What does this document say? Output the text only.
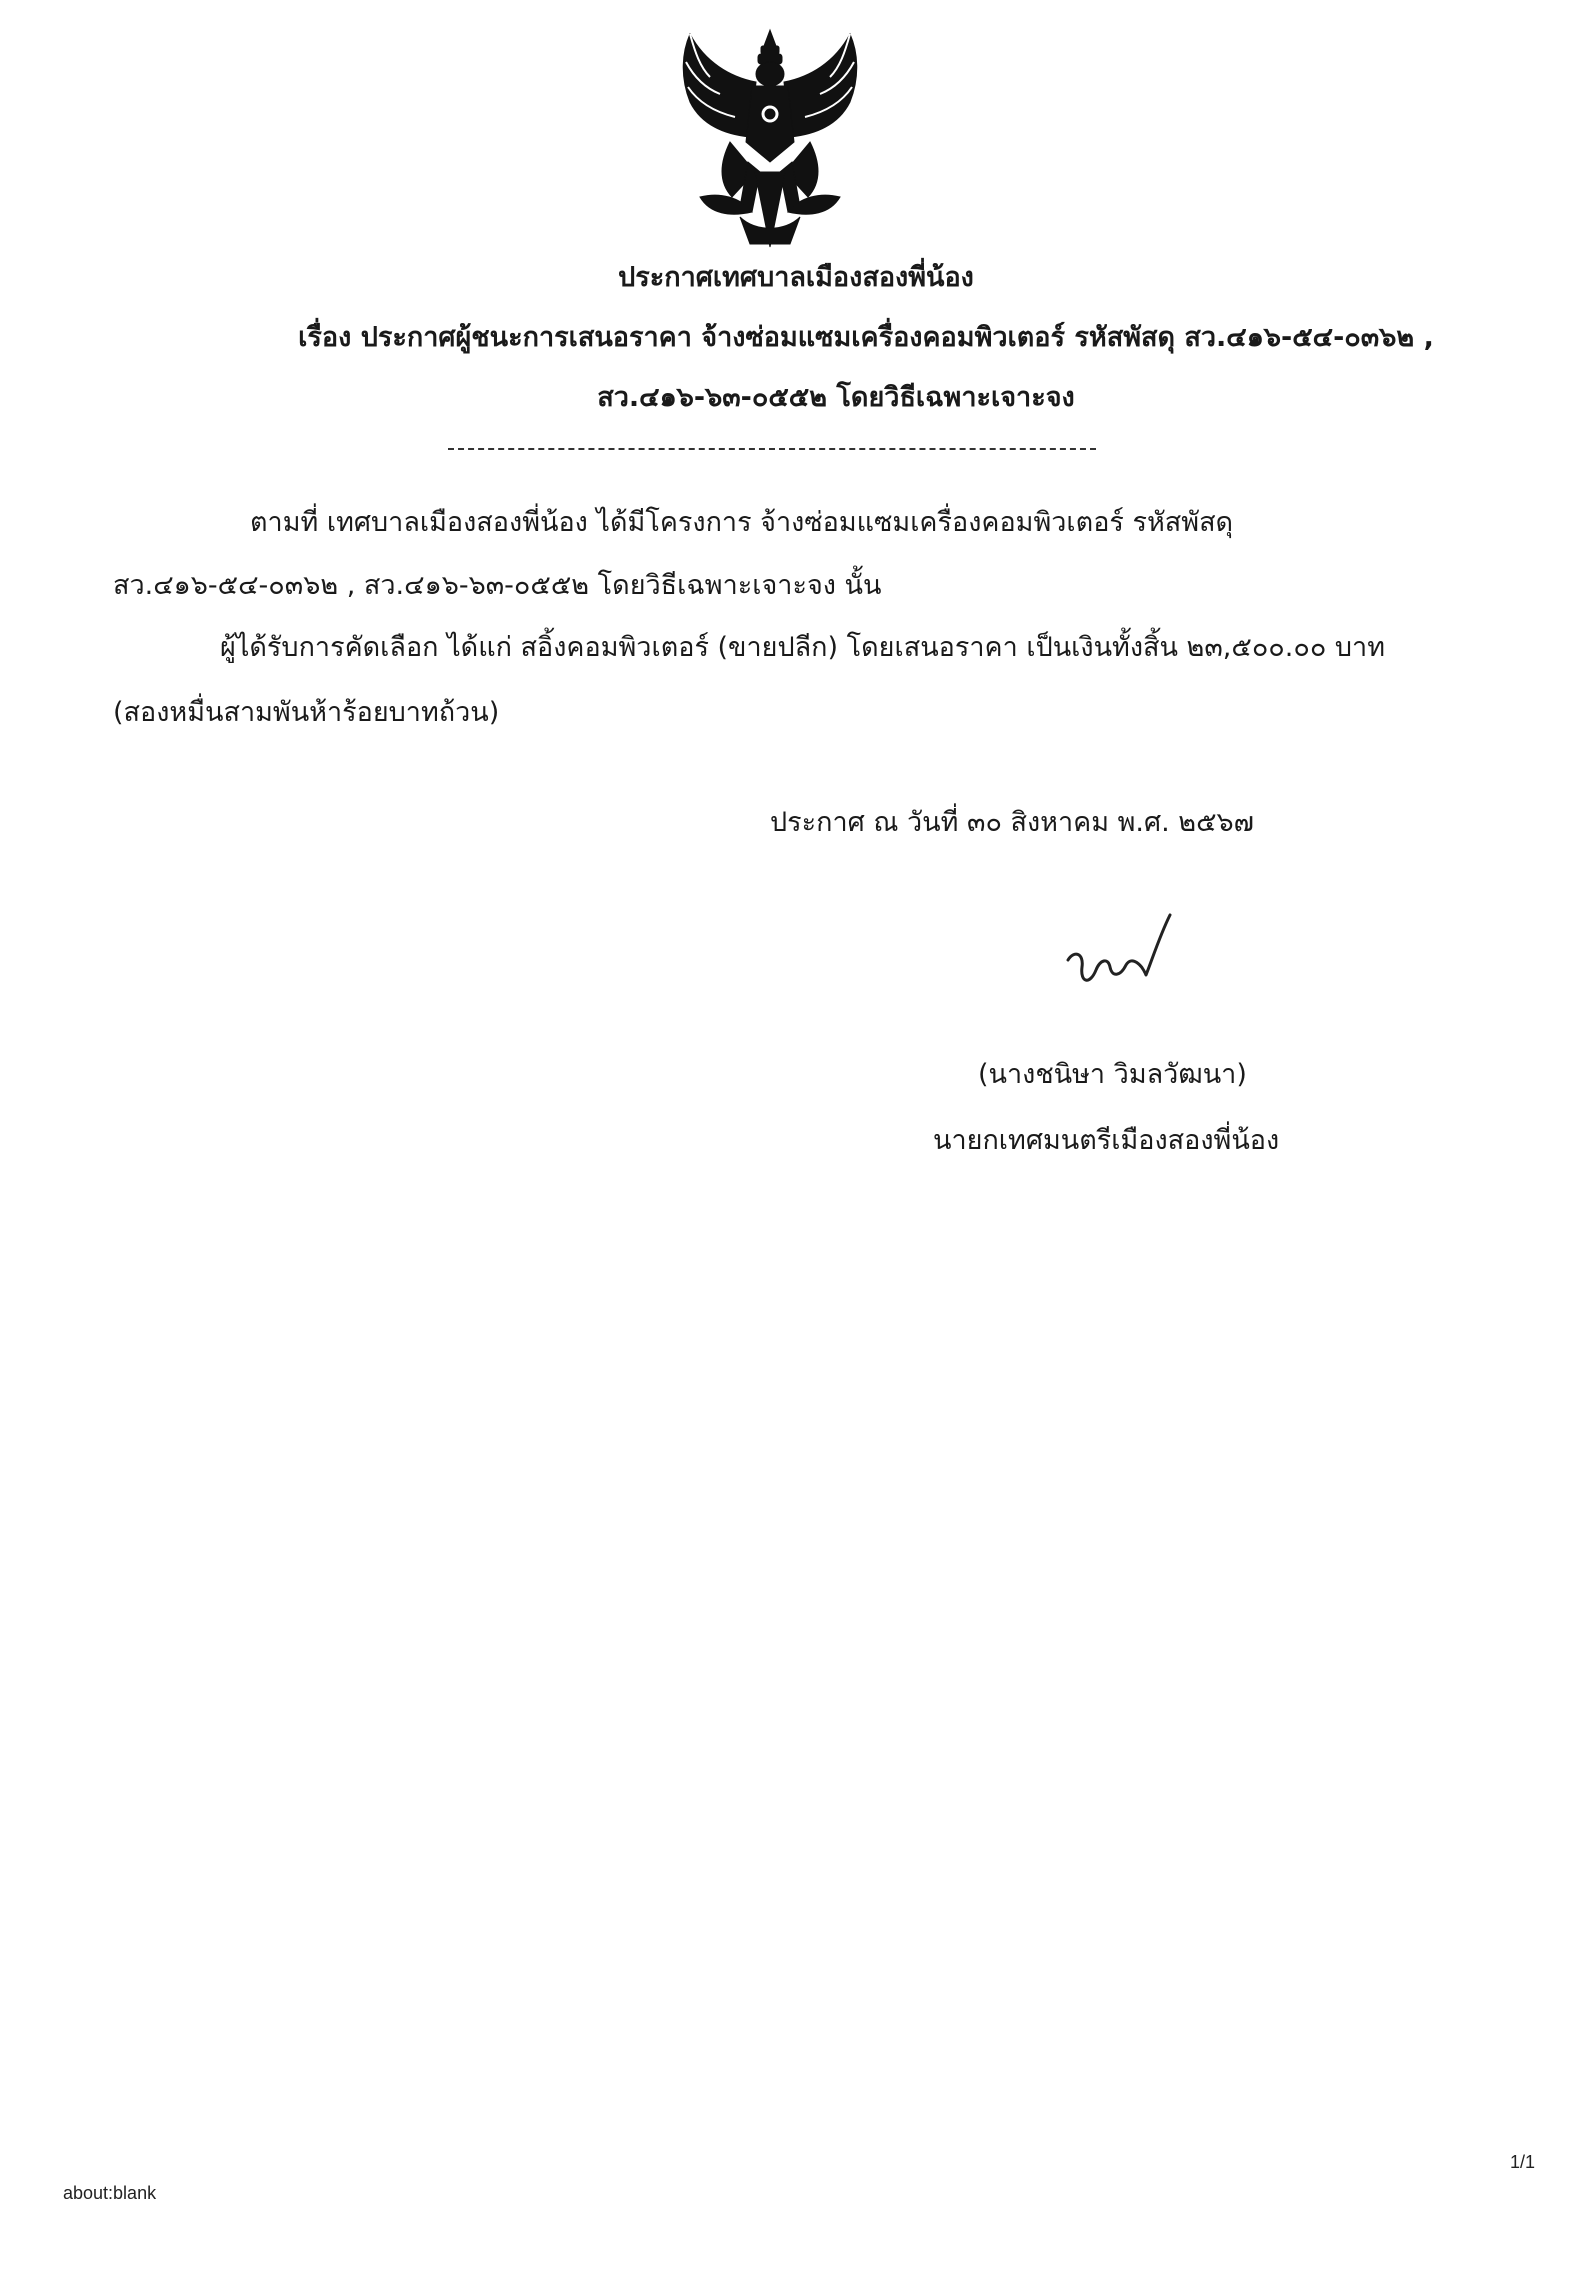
ประกาศเทศบาลเมืองสองพี่น้อง
เรื่อง ประกาศผู้ชนะการเสนอราคา จ้างซ่อมแซมเครื่องคอมพิวเตอร์ รหัสพัสดุ สว.๔๑๖-๕๔-๐๓๖๒ ,
สว.๔๑๖-๖๓-๐๕๕๒ โดยวิธีเฉพาะเจาะจง
ตามที่ เทศบาลเมืองสองพี่น้อง ได้มีโครงการ จ้างซ่อมแซมเครื่องคอมพิวเตอร์ รหัสพัสดุ
สว.๔๑๖-๕๔-๐๓๖๒ , สว.๔๑๖-๖๓-๐๕๕๒ โดยวิธีเฉพาะเจาะจง นั้น
ผู้ได้รับการคัดเลือก ได้แก่ สอิ้งคอมพิวเตอร์ (ขายปลีก) โดยเสนอราคา เป็นเงินทั้งสิ้น ๒๓,๕๐๐.๐๐ บาท
(สองหมื่นสามพันห้าร้อยบาทถ้วน)
ประกาศ ณ วันที่ ๓๐ สิงหาคม พ.ศ. ๒๕๖๗
(นางชนิษา วิมลวัฒนา)
นายกเทศมนตรีเมืองสองพี่น้อง
about:blank
1/1
